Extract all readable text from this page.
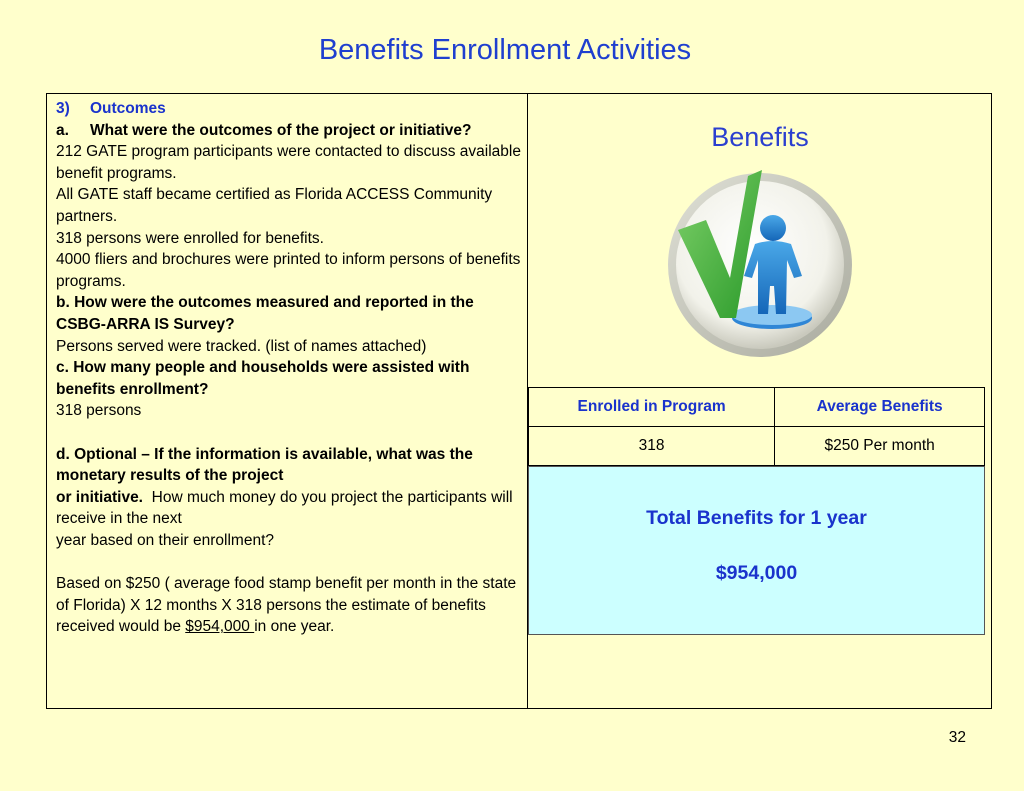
Benefits Enrollment Activities

3) Outcomes

a.	What were the outcomes of the project or initiative?

212 GATE program participants were contacted to discuss available benefit programs.

All GATE staff became certified as Florida ACCESS Community partners.

318 persons were enrolled for benefits.

4000 fliers and brochures were printed to inform persons of benefits programs.

b. How were the outcomes measured and reported in the CSBG-ARRA IS Survey?

Persons served were tracked. (list of names attached)

c. How many people and households were assisted with benefits enrollment?

318 persons

d. Optional – If the information is available, what was the monetary results of the project

or initiative. How much money do you project the participants will receive in the next

year based on their enrollment?

Based on $250 ( average food stamp benefit per month in the state of Florida) X 12 months X 318 persons the estimate of benefits received would be $954,000 in one year.

Benefits
Enrolled in Program	Average Benefits
318	$250 Per month
Total Benefits for 1 year
$954,000
32
